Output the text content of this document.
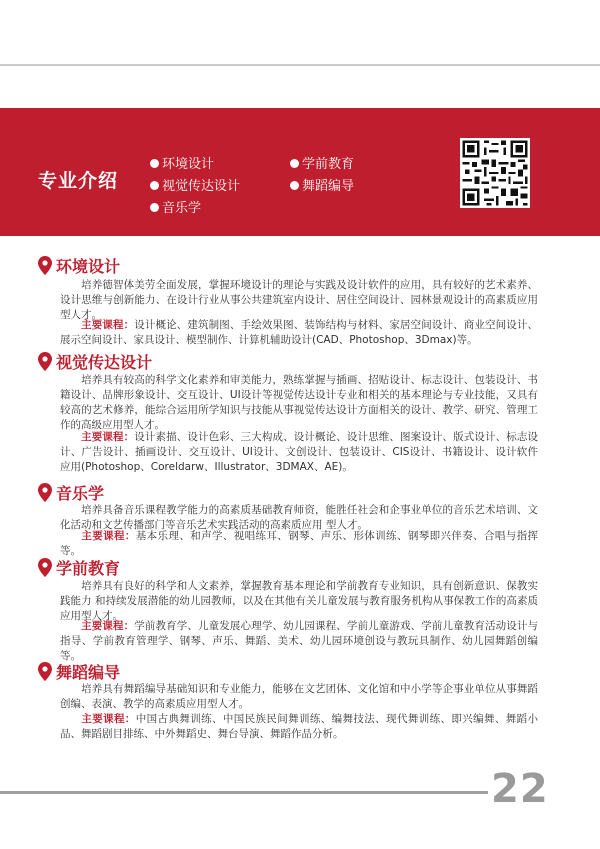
专业介绍
环境设计
视觉传达设计
音乐学
学前教育
舞蹈编导
环境设计
培养德智体美劳全面发展，掌握环境设计的理论与实践及设计软件的应用，具有较好的艺术素养、设计思维与创新能力、在设计行业从事公共建筑室内设计、居住空间设计、园林景观设计的高素质应用型人才。
主要课程：设计概论、建筑制图、手绘效果图、装饰结构与材料、家居空间设计、商业空间设计、展示空间设计、家具设计、模型制作、计算机辅助设计(CAD、Photoshop、3Dmax)等。
视觉传达设计
培养具有较高的科学文化素养和审美能力，熟练掌握与插画、招贴设计、标志设计、包装设计、书籍设计、品牌形象设计、交互设计、UI设计等视觉传达设计专业和相关的基本理论与专业技能，又具有较高的艺术修养，能综合运用所学知识与技能从事视觉传达设计方面相关的设计、教学、研究、管理工作的高级应用型人才。
主要课程：设计素描、设计色彩、三大构成、设计概论、设计思维、图案设计、版式设计、标志设计、广告设计、插画设计、交互设计、UI设计、文创设计、包装设计、CIS设计、书籍设计、设计软件应用(Photoshop、Coreldarw、Illustrator、3DMAX、AE)。
音乐学
培养具备音乐课程教学能力的高素质基础教育师资，能胜任社会和企事业单位的音乐艺术培训、文化活动和文艺传播部门等音乐艺术实践活动的高素质应用 型人才。
主要课程：基本乐理、和声学、视唱练耳、钢琴、声乐、形体训练、钢琴即兴伴奏、合唱与指挥等。
学前教育
培养具有良好的科学和人文素养，掌握教育基本理论和学前教育专业知识，具有创新意识、保教实践能力 和持续发展潜能的幼儿园教师，以及在其他有关儿童发展与教育服务机构从事保教工作的高素质应用型人才。
主要课程：学前教育学、儿童发展心理学、幼儿园课程、学前儿童游戏、学前儿童教育活动设计与指导、学前教育管理学、钢琴、声乐、舞蹈、美术、幼儿园环境创设与教玩具制作、幼儿园舞蹈创编等。
舞蹈编导
培养具有舞蹈编导基础知识和专业能力，能够在文艺团体、文化馆和中小学等企事业单位从事舞蹈创编、表演、教学的高素质应用型人才。
主要课程：中国古典舞训练、中国民族民间舞训练、编舞技法、现代舞训练、即兴编舞、舞蹈小品、舞蹈剧目排练、中外舞蹈史、舞台导演、舞蹈作品分析。
22
